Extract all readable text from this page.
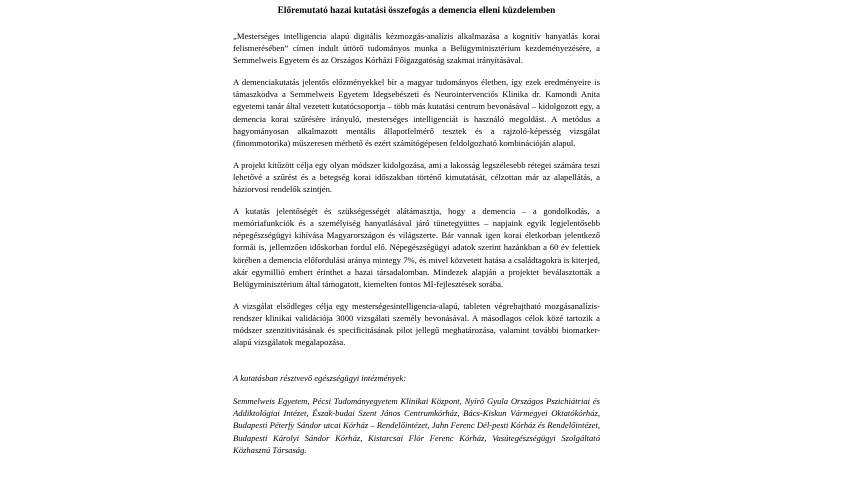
Előremutató hazai kutatási összefogás a demencia elleni küzdelemben

„Mesterséges intelligencia alapú digitális kézmozgás-analízis alkalmazása a kognitív hanyatlás korai felismerésében” címen indult úttörő tudományos munka a Belügyminisztérium kezdeményezésére, a Semmelweis Egyetem és az Országos Kórházi Főigazgatóság szakmai irányításával.

A demenciakutatás jelentős előzményekkel bír a magyar tudományos életben, így ezek eredményeire is támaszkodva a Semmelweis Egyetem Idegsebészeti és Neurointervenciós Klinika dr. Kamondi Anita egyetemi tanár által vezetett kutatócsoportja – több más kutatási centrum bevonásával – kidolgozott egy, a demencia korai szűrésére irányuló, mesterséges intelligenciát is használó megoldást. A metódus a hagyományosan alkalmazott mentális állapotfelmérő tesztek és a rajzoló-képesség vizsgálat (finommotorika) műszeresen mérhető és ezért számítógépesen feldolgozható kombinációján alapul.

A projekt kitűzött célja egy olyan módszer kidolgozása, ami a lakosság legszélesebb rétegei számára teszi lehetővé a szűrést és a betegség korai időszakban történő kimutatását, célzottan már az alapellátás, a háziorvosi rendelők szintjén.

A kutatás jelentőségét és szükségességét alátámasztja, hogy a demencia – a gondolkodás, a memóriafunkciók és a személyiség hanyatlásával járó tünetegyüttes – napjaink egyik legjelentősebb népegészségügyi kihívása Magyarországon és világszerte. Bár vannak igen korai életkorban jelentkező formái is, jellemzően időskorban fordul elő. Népegészségügyi adatok szerint hazánkban a 60 év felettiek körében a demencia előfordulási aránya mintegy 7%, és mivel közvetett hatása a családtagokra is kiterjed, akár egymillió embert érinthet a hazai társadalomban. Mindezek alapján a projektet beválasztották a Belügyminisztérium által támogatott, kiemelten fontos MI-fejlesztések sorába.

A vizsgálat elsődleges célja egy mesterségesintelligencia-alapú, tableten végrehajtható mozgásanalízis-rendszer klinikai validációja 3000 vizsgálati személy bevonásával. A másodlagos célok közé tartozik a módszer szenzitivitásának és specificitásának pilot jellegű meghatározása, valamint további biomarker-alapú vizsgálatok megalapozása.

A kutatásban résztvevő egészségügyi intézmények:

Semmelweis Egyetem, Pécsi Tudományegyetem Klinikai Központ, Nyírő Gyula Országos Pszichiátriai és Addiktológiai Intézet, Észak-budai Szent János Centrumkórház, Bács-Kiskun Vármegyei Oktatókórház, Budapesti Péterfy Sándor utcai Kórház – Rendelőintézet, Jahn Ferenc Dél-pesti Kórház és Rendelőintézet, Budapesti Károlyi Sándor Kórház, Kistarcsai Flór Ferenc Kórház, Vasútegészségügyi Szolgáltató Közhasznú Társaság.
